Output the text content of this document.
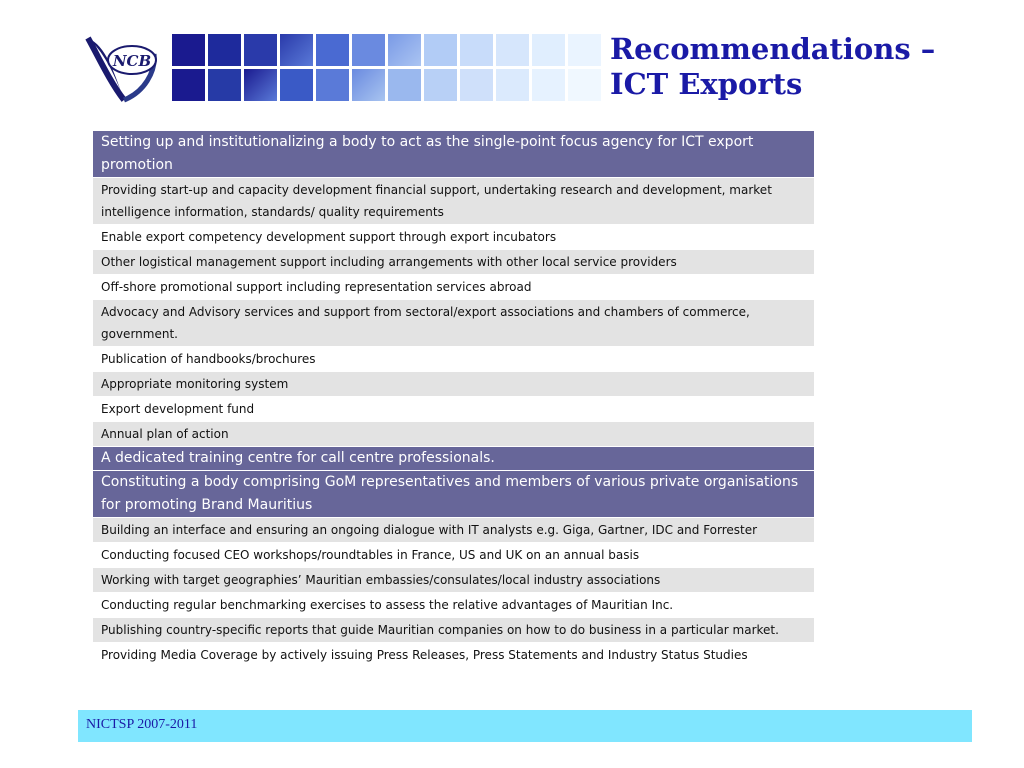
NCB	Recommendations –
ICT Exports
Setting up and institutionalizing a body to act as the single-point focus agency for ICT export promotion
Providing start-up and capacity development financial support, undertaking research and development, market intelligence information, standards/ quality requirements
Enable export competency development support through export incubators
Other logistical management support including arrangements with other local service providers
Off-shore promotional support including representation services abroad
Advocacy and Advisory services and support from sectoral/export associations and chambers of commerce, government.
Publication of handbooks/brochures
Appropriate monitoring system
Export development fund
Annual plan of action
A dedicated training centre for call centre professionals.
Constituting a body comprising GoM representatives and members of various private organisations for promoting Brand Mauritius
Building an interface and ensuring an ongoing dialogue with IT analysts e.g. Giga, Gartner, IDC and Forrester
Conducting focused CEO workshops/roundtables in France, US and UK on an annual basis
Working with target geographies’ Mauritian embassies/consulates/local industry associations
Conducting regular benchmarking exercises to assess the relative advantages of Mauritian Inc.
Publishing country-specific reports that guide Mauritian companies on how to do business in a particular market.
Providing Media Coverage by actively issuing Press Releases, Press Statements and Industry Status Studies
NICTSP 2007-2011
